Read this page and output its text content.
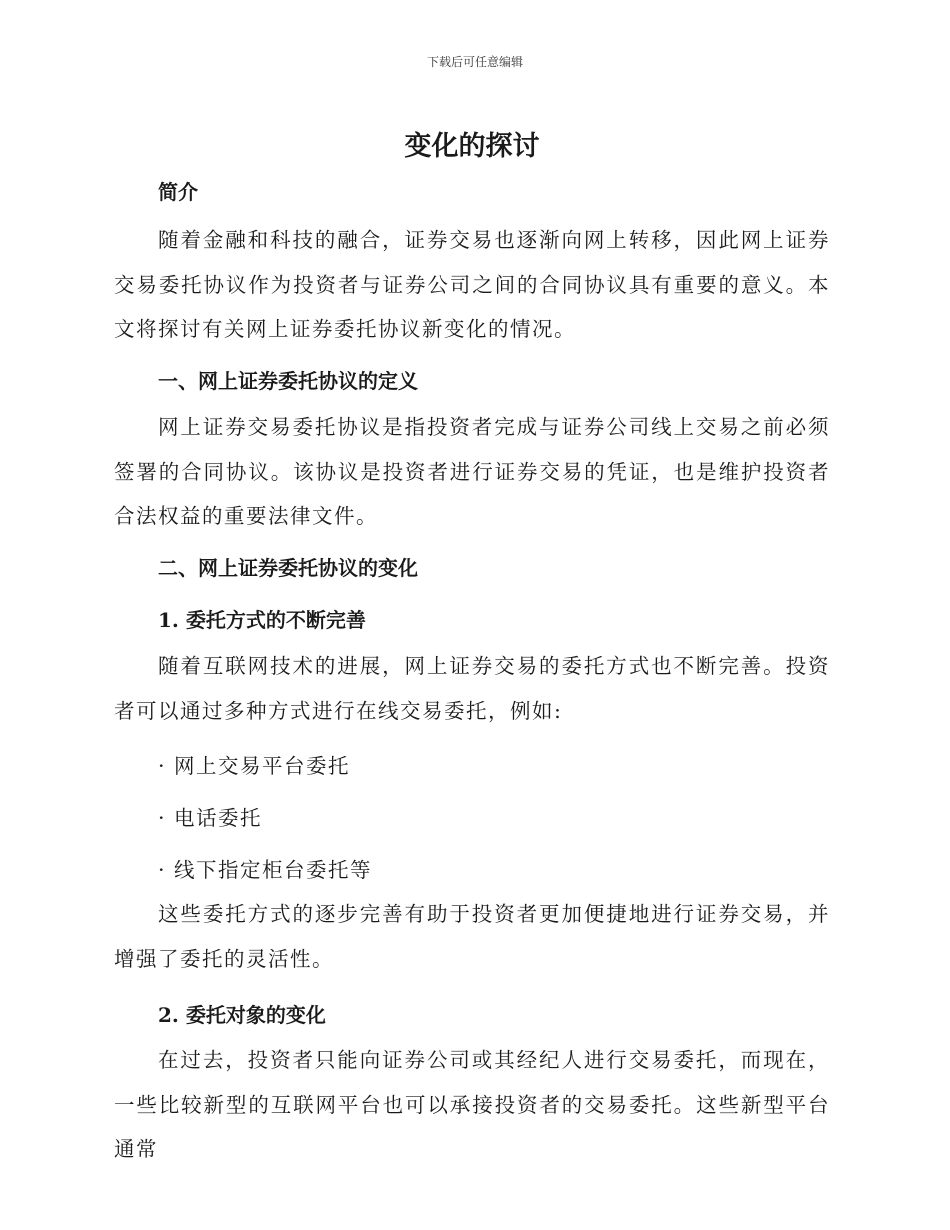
下载后可任意编辑
变化的探讨
简介

随着金融和科技的融合，证券交易也逐渐向网上转移，因此网上证券交易委托协议作为投资者与证券公司之间的合同协议具有重要的意义。本文将探讨有关网上证券委托协议新变化的情况。

一、网上证券委托协议的定义

网上证券交易委托协议是指投资者完成与证券公司线上交易之前必须签署的合同协议。该协议是投资者进行证券交易的凭证，也是维护投资者合法权益的重要法律文件。

二、网上证券委托协议的变化
1. 委托方式的不断完善

随着互联网技术的进展，网上证券交易的委托方式也不断完善。投资者可以通过多种方式进行在线交易委托，例如:

· 网上交易平台委托
· 电话委托
· 线下指定柜台委托等

这些委托方式的逐步完善有助于投资者更加便捷地进行证券交易，并增强了委托的灵活性。

2. 委托对象的变化

在过去，投资者只能向证券公司或其经纪人进行交易委托，而现在，一些比较新型的互联网平台也可以承接投资者的交易委托。这些新型平台通常
